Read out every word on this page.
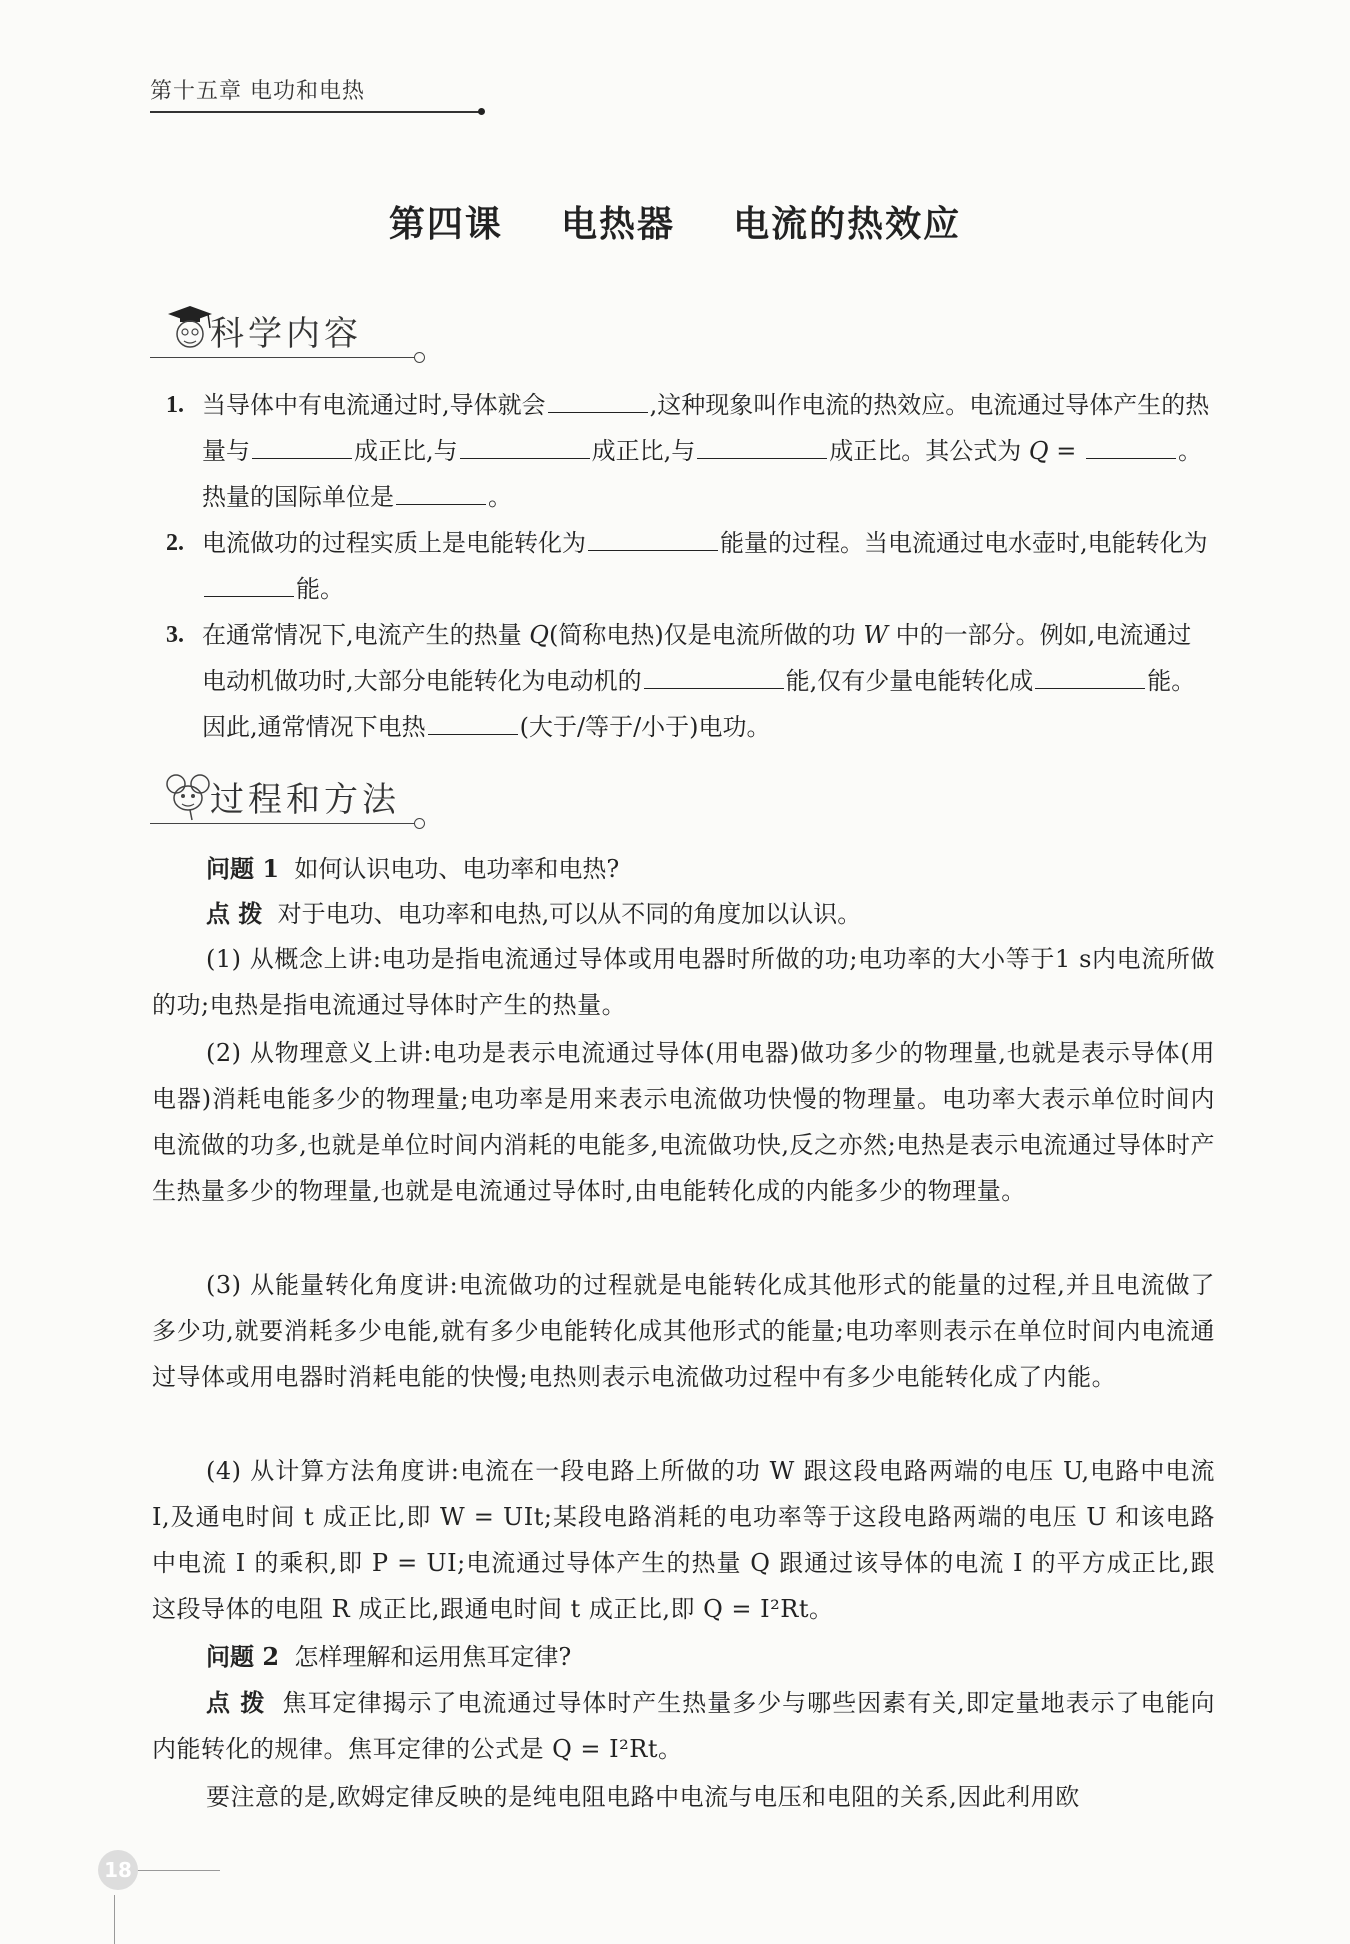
第十五章 电功和电热
第四课    电热器    电流的热效应
科学内容
1. 当导体中有电流通过时,导体就会	,这种现象叫作电流的热效应。电流通过导体产生的热量与	成正比,与	成正比,与	成正比。其公式为 Q =	。热量的国际单位是	。
2. 电流做功的过程实质上是电能转化为	能量的过程。当电流通过电水壶时,电能转化为能。
3. 在通常情况下,电流产生的热量 Q(简称电热)仅是电流所做的功 W 中的一部分。例如,电流通过电动机做功时,大部分电能转化为电动机的	能,仅有少量电能转化成	能。因此,通常情况下电热	(大于/等于/小于)电功。
过程和方法
问题 1 如何认识电功、电功率和电热?
点 拨 对于电功、电功率和电热,可以从不同的角度加以认识。
(1) 从概念上讲:电功是指电流通过导体或用电器时所做的功;电功率的大小等于1 s内电流所做的功;电热是指电流通过导体时产生的热量。
(2) 从物理意义上讲:电功是表示电流通过导体(用电器)做功多少的物理量,也就是表示导体(用电器)消耗电能多少的物理量;电功率是用来表示电流做功快慢的物理量。电功率大表示单位时间内电流做的功多,也就是单位时间内消耗的电能多,电流做功快,反之亦然;电热是表示电流通过导体时产生热量多少的物理量,也就是电流通过导体时,由电能转化成的内能多少的物理量。
(3) 从能量转化角度讲:电流做功的过程就是电能转化成其他形式的能量的过程,并且电流做了多少功,就要消耗多少电能,就有多少电能转化成其他形式的能量;电功率则表示在单位时间内电流通过导体或用电器时消耗电能的快慢;电热则表示电流做功过程中有多少电能转化成了内能。
(4) 从计算方法角度讲:电流在一段电路上所做的功 W 跟这段电路两端的电压 U,电路中电流 I,及通电时间 t 成正比,即 W = UIt;某段电路消耗的电功率等于这段电路两端的电压 U 和该电路中电流 I 的乘积,即 P = UI;电流通过导体产生的热量 Q 跟通过该导体的电流 I 的平方成正比,跟这段导体的电阻 R 成正比,跟通电时间 t 成正比,即 Q = I²Rt。
问题 2 怎样理解和运用焦耳定律?
点 拨 焦耳定律揭示了电流通过导体时产生热量多少与哪些因素有关,即定量地表示了电能向内能转化的规律。焦耳定律的公式是 Q = I²Rt。
要注意的是,欧姆定律反映的是纯电阻电路中电流与电压和电阻的关系,因此利用欧
18
